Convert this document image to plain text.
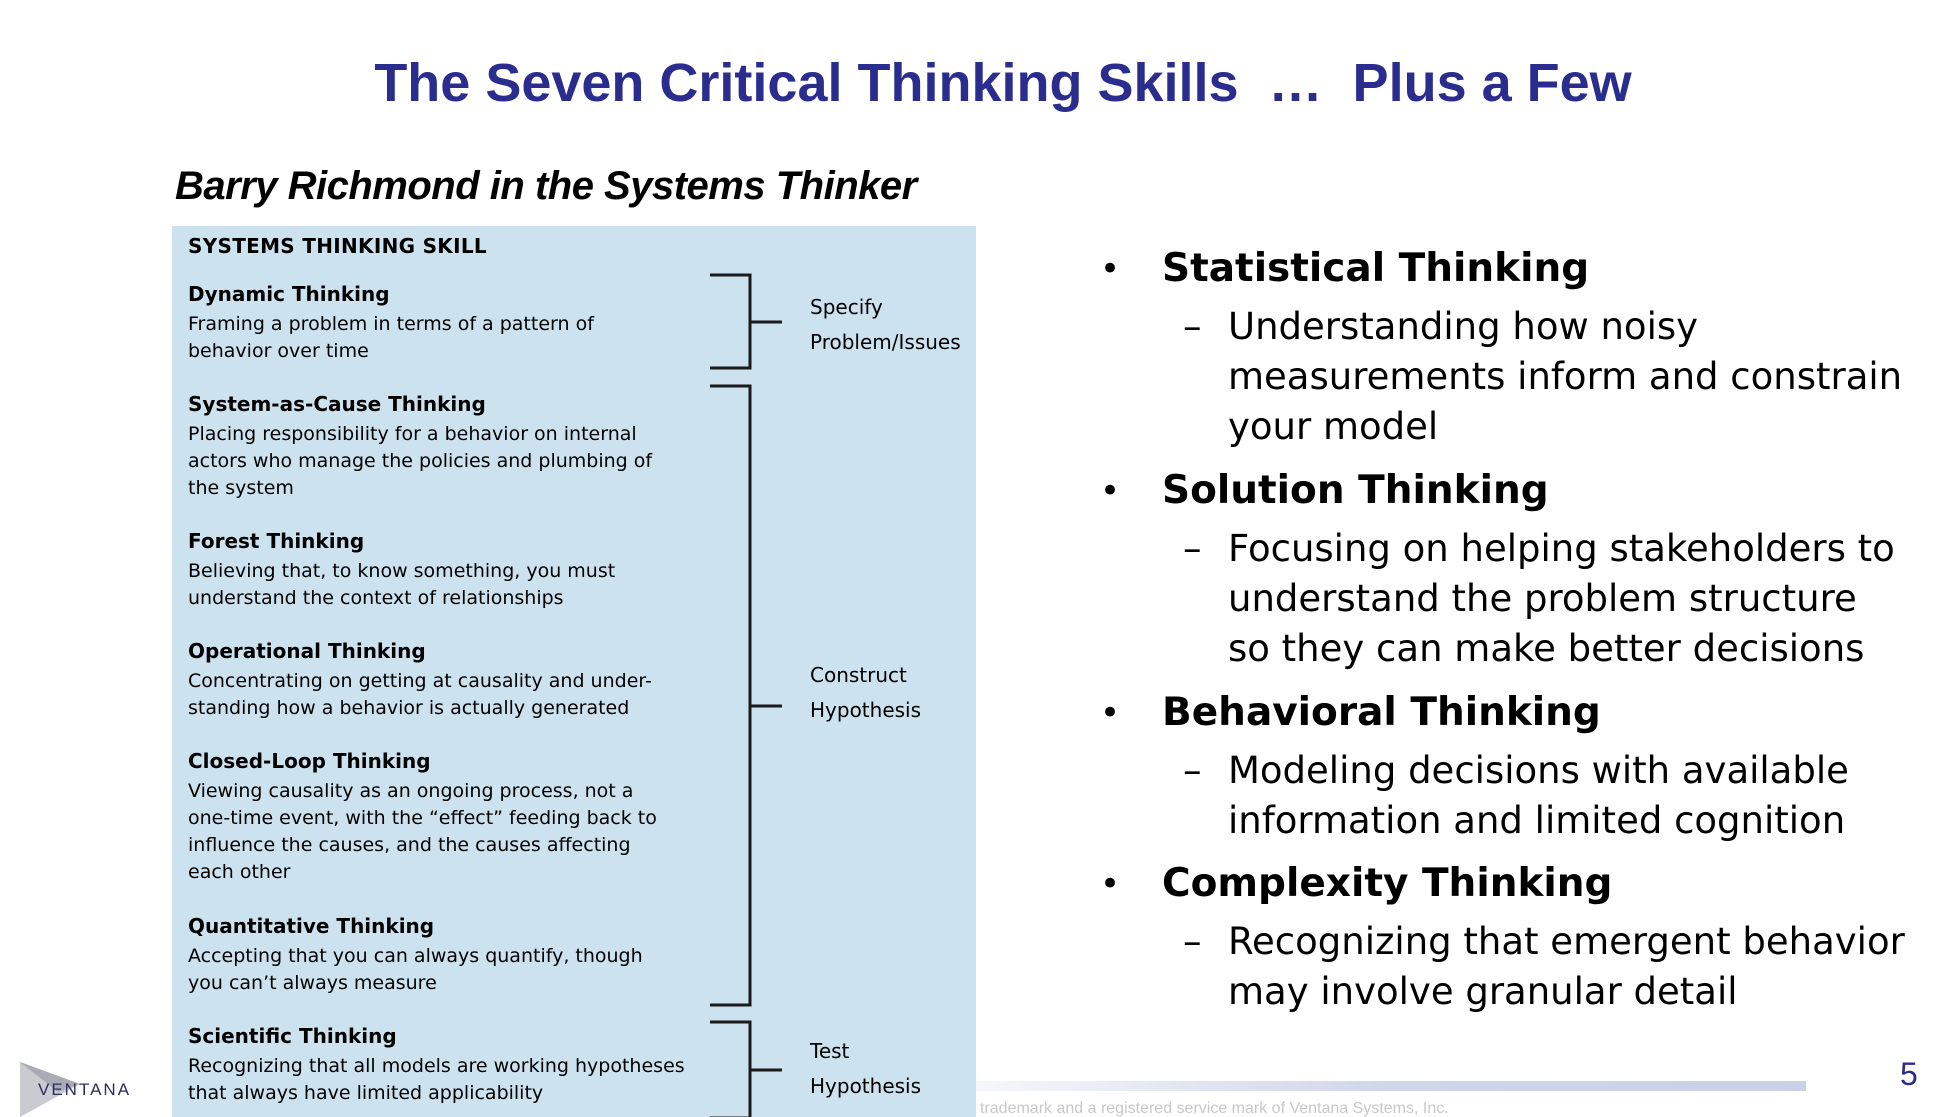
The Seven Critical Thinking Skills  …  Plus a Few
Barry Richmond in the Systems Thinker
SYSTEMS THINKING SKILL
Dynamic Thinking
Framing a problem in terms of a pattern of behavior over time
System-as-Cause Thinking
Placing responsibility for a behavior on internal actors who manage the policies and plumbing of the system
Forest Thinking
Believing that, to know something, you must understand the context of relationships
Operational Thinking
Concentrating on getting at causality and under-standing how a behavior is actually generated
Closed-Loop Thinking
Viewing causality as an ongoing process, not a one-time event, with the “effect” feeding back to influence the causes, and the causes affecting each other
Quantitative Thinking
Accepting that you can always quantify, though you can’t always measure
Scientific Thinking
Recognizing that all models are working hypotheses that always have limited applicability
Specify
Problem/Issues
Construct
Hypothesis
Test
Hypothesis
• Statistical Thinking
– Understanding how noisy measurements inform and constrain your model
• Solution Thinking
– Focusing on helping stakeholders to understand the problem structure so they can make better decisions
• Behavioral Thinking
– Modeling decisions with available information and limited cognition
• Complexity Thinking
– Recognizing that emergent behavior may involve granular detail
trademark and a registered service mark of Ventana Systems, Inc.
5
VENTANA
